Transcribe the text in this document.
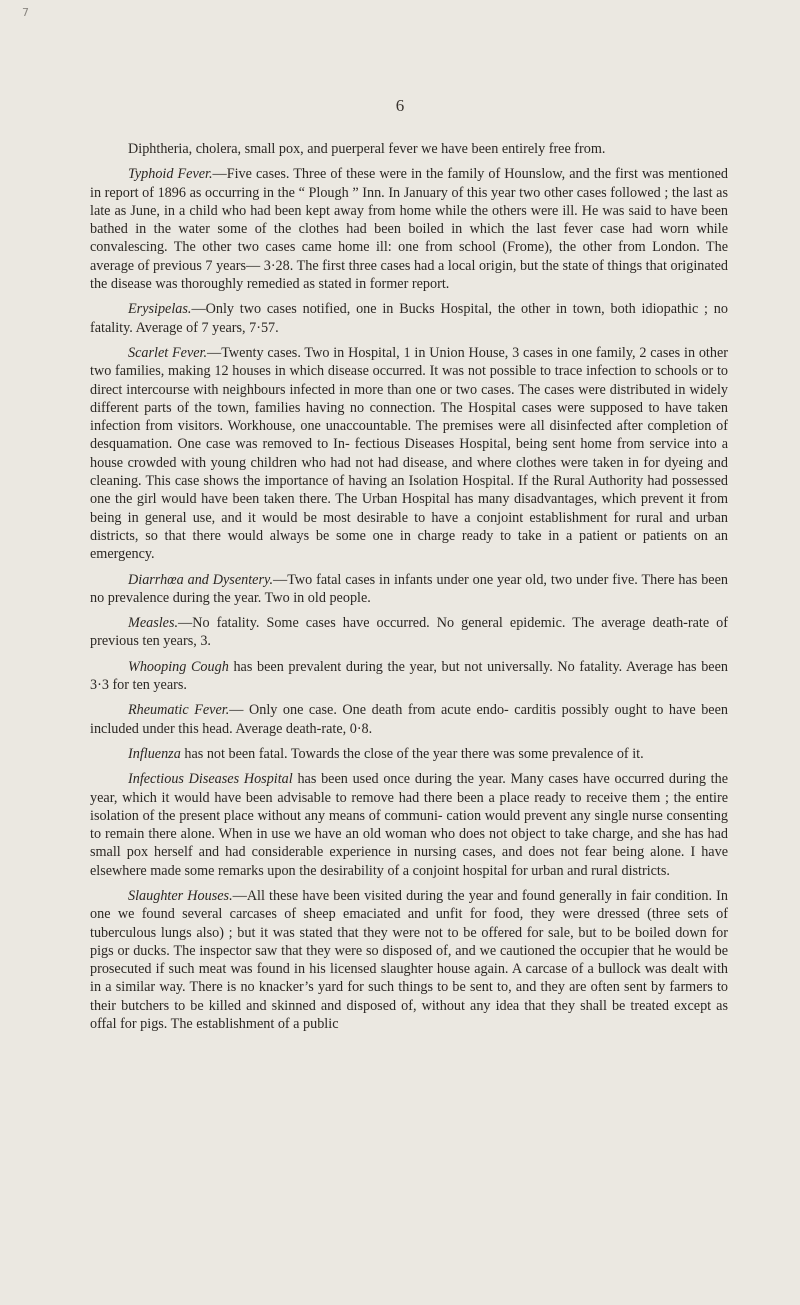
7
6

Diphtheria, cholera, small pox, and puerperal fever we have been entirely free from.

Typhoid Fever.—Five cases. Three of these were in the family of Hounslow, and the first was mentioned in report of 1896 as occurring in the “ Plough ” Inn. In January of this year two other cases followed ; the last as late as June, in a child who had been kept away from home while the others were ill. He was said to have been bathed in the water some of the clothes had been boiled in which the last fever case had worn while convalescing. The other two cases came home ill: one from school (Frome), the other from London. The average of previous 7 years— 3·28. The first three cases had a local origin, but the state of things that originated the disease was thoroughly remedied as stated in former report.

Erysipelas.—Only two cases notified, one in Bucks Hospital, the other in town, both idiopathic ; no fatality. Average of 7 years, 7·57.

Scarlet Fever.—Twenty cases. Two in Hospital, 1 in Union House, 3 cases in one family, 2 cases in other two families, making 12 houses in which disease occurred. It was not possible to trace infection to schools or to direct intercourse with neighbours infected in more than one or two cases. The cases were distributed in widely different parts of the town, families having no connection. The Hospital cases were supposed to have taken infection from visitors. Workhouse, one unaccountable. The premises were all disinfected after completion of desquamation. One case was removed to In- fectious Diseases Hospital, being sent home from service into a house crowded with young children who had not had disease, and where clothes were taken in for dyeing and cleaning. This case shows the importance of having an Isolation Hospital. If the Rural Authority had possessed one the girl would have been taken there. The Urban Hospital has many disadvantages, which prevent it from being in general use, and it would be most desirable to have a conjoint establishment for rural and urban districts, so that there would always be some one in charge ready to take in a patient or patients on an emergency.

Diarrhœa and Dysentery.—Two fatal cases in infants under one year old, two under five. There has been no prevalence during the year. Two in old people.

Measles.—No fatality. Some cases have occurred. No general epidemic. The average death-rate of previous ten years, 3.

Whooping Cough has been prevalent during the year, but not universally. No fatality. Average has been 3·3 for ten years.

Rheumatic Fever.— Only one case. One death from acute endo- carditis possibly ought to have been included under this head. Average death-rate, 0·8.

Influenza has not been fatal. Towards the close of the year there was some prevalence of it.

Infectious Diseases Hospital has been used once during the year. Many cases have occurred during the year, which it would have been advisable to remove had there been a place ready to receive them ; the entire isolation of the present place without any means of communi- cation would prevent any single nurse consenting to remain there alone. When in use we have an old woman who does not object to take charge, and she has had small pox herself and had considerable experience in nursing cases, and does not fear being alone. I have elsewhere made some remarks upon the desirability of a conjoint hospital for urban and rural districts.

Slaughter Houses.—All these have been visited during the year and found generally in fair condition. In one we found several carcases of sheep emaciated and unfit for food, they were dressed (three sets of tuberculous lungs also) ; but it was stated that they were not to be offered for sale, but to be boiled down for pigs or ducks. The inspector saw that they were so disposed of, and we cautioned the occupier that he would be prosecuted if such meat was found in his licensed slaughter house again. A carcase of a bullock was dealt with in a similar way. There is no knacker’s yard for such things to be sent to, and they are often sent by farmers to their butchers to be killed and skinned and disposed of, without any idea that they shall be treated except as offal for pigs. The establishment of a public
